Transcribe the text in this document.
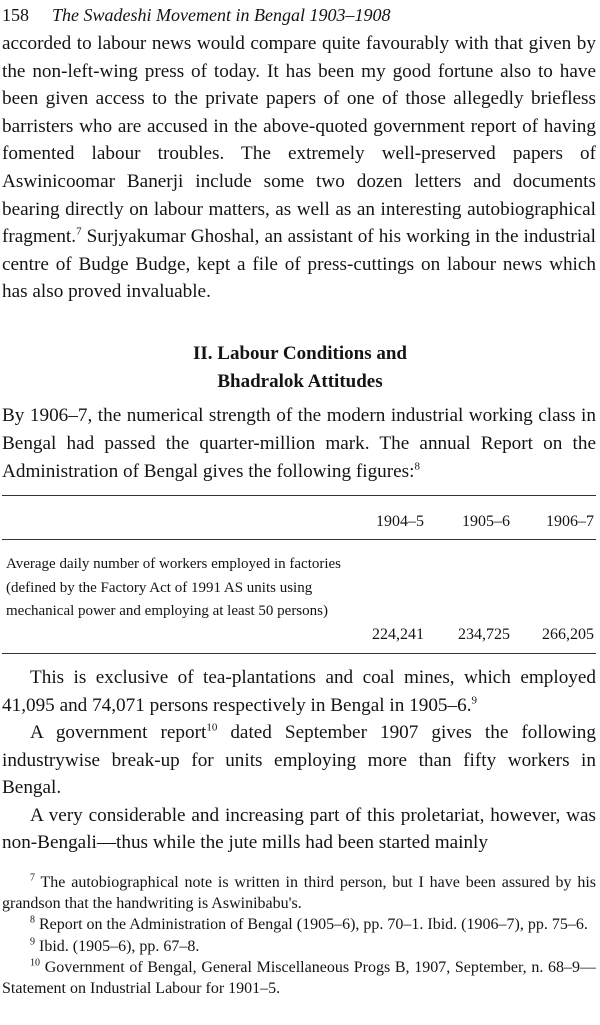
158 The Swadeshi Movement in Bengal 1903–1908

accorded to labour news would compare quite favourably with that given by the non-left-wing press of today. It has been my good fortune also to have been given access to the private papers of one of those allegedly briefless barristers who are accused in the above-quoted government report of having fomented labour troubles. The extremely well-preserved papers of Aswinicoomar Banerji include some two dozen letters and documents bearing directly on labour matters, as well as an interesting autobiographical fragment.$^7$ Surjyakumar Ghoshal, an assistant of his working in the industrial centre of Budge Budge, kept a file of press-cuttings on labour news which has also proved invaluable.

II. Labour Conditions and
Bhadralok Attitudes

By 1906–7, the numerical strength of the modern industrial working class in Bengal had passed the quarter-million mark. The annual Report on the Administration of Bengal gives the following figures:$^8$

1904–5	1905–6	1906–7
Average daily number of workers employed in factories (defined by the Factory Act of 1991 AS units using mechanical power and employing at least 50 persons)
224,241	234,725	266,205

This is exclusive of tea-plantations and coal mines, which employed 41,095 and 74,071 persons respectively in Bengal in 1905–6.$^9$

A government report$^{10}$ dated September 1907 gives the following industrywise break-up for units employing more than fifty workers in Bengal.

A very considerable and increasing part of this proletariat, however, was non-Bengali—thus while the jute mills had been started mainly

$^7$ The autobiographical note is written in third person, but I have been assured by his grandson that the handwriting is Aswinibabu's.

$^8$ Report on the Administration of Bengal (1905–6), pp. 70–1. Ibid. (1906–7), pp. 75–6.

$^9$ Ibid. (1905–6), pp. 67–8.

$^{10}$ Government of Bengal, General Miscellaneous Progs B, 1907, September, n. 68–9—Statement on Industrial Labour for 1901–5.
